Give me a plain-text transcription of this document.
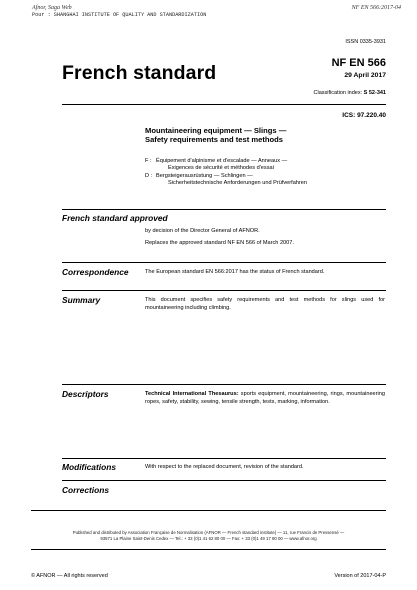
Afnor, Saga Web
Pour : SHANGHAI INSTITUTE OF QUALITY AND STANDARDIZATION
NF EN 566:2017-04
ISSN 0335-3931
French standard	NF EN 566
29 April 2017
Classification index: S 52-341
ICS: 97.220.40
Mountaineering equipment — Slings —
Safety requirements and test methods
F : Équipement d'alpinisme et d'escalade — Anneaux —
Exigences de sécurité et méthodes d'essai
D : Bergsteigerausrüstung — Schlingen —
Sicherheitstechnische Anforderungen und Prüfverfahren
French standard approved
by decision of the Director General of AFNOR.
Replaces the approved standard NF EN 566 of March 2007.
Correspondence	The European standard EN 566:2017 has the status of French standard.
Summary	This document specifies safety requirements and test methods for slings used for mountaineering including climbing.
Descriptors	Technical International Thesaurus: sports equipment, mountaineering, rings, mountaineering ropes, safety, stability, sewing, tensile strength, tests, marking, information.
Modifications	With respect to the replaced document, revision of the standard.
Corrections
Published and distributed by Association Française de Normalisation (AFNOR — French standard institute) — 11, rue Francis de Pressensé —
93571 La Plaine Saint-Denis Cedex — Tel.: + 33 (0)1 41 62 80 00 — Fax: + 33 (0)1 49 17 90 00 — www.afnor.org
© AFNOR — All rights reserved	Version of 2017-04-P
